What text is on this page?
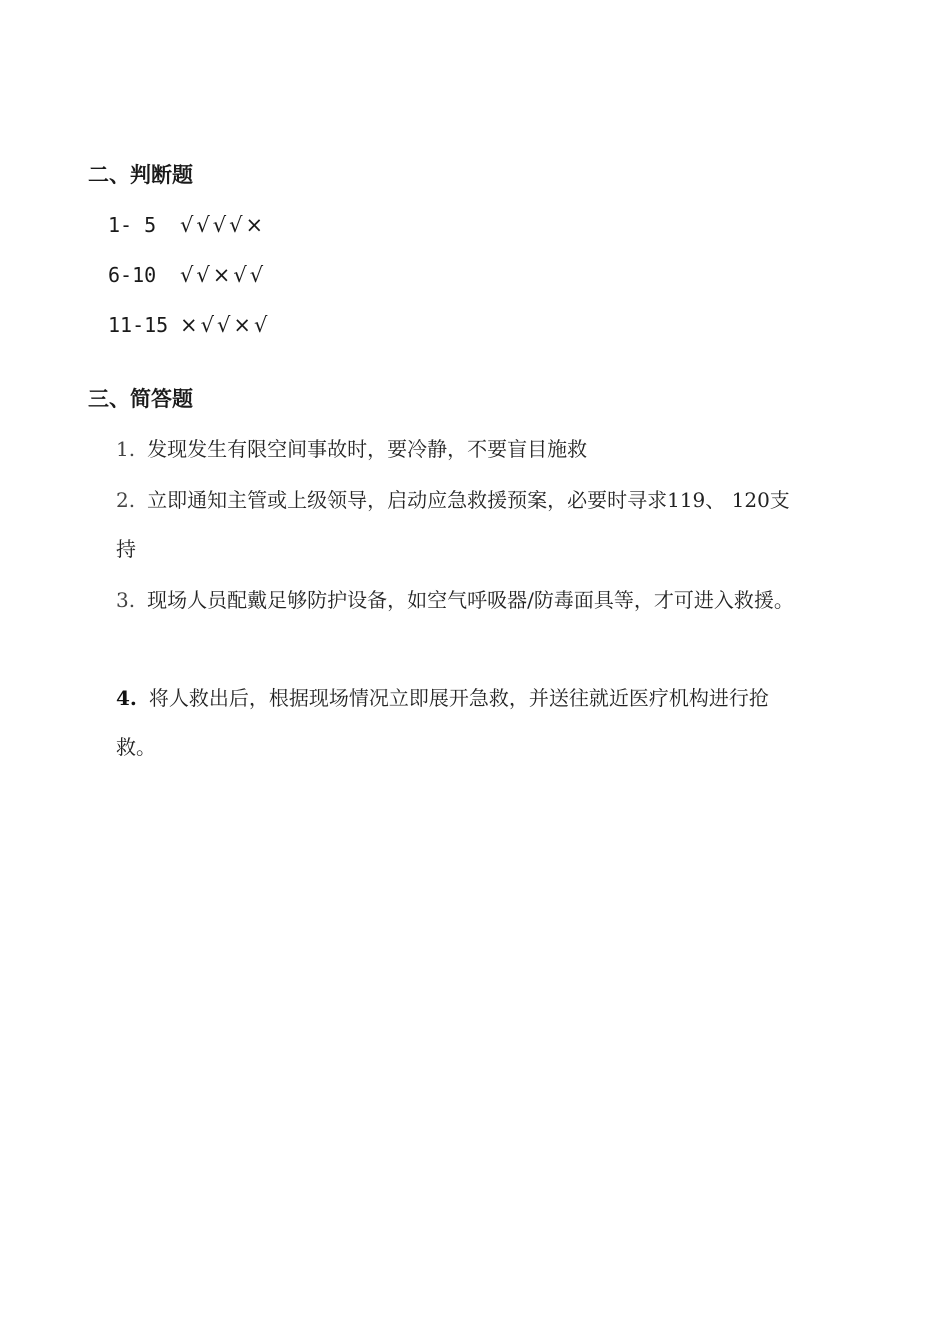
二、判断题
1- 5 √√√√×
6-10 √√×√√
11-15 ×√√×√
三、简答题
1. 发现发生有限空间事故时，要冷静，不要盲目施救
2. 立即通知主管或上级领导，启动应急救援预案，必要时寻求119、 120支
持
3. 现场人员配戴足够防护设备，如空气呼吸器/防毒面具等，才可进入救援。
4. 将人救出后，根据现场情况立即展开急救，并送往就近医疗机构进行抢
救。
